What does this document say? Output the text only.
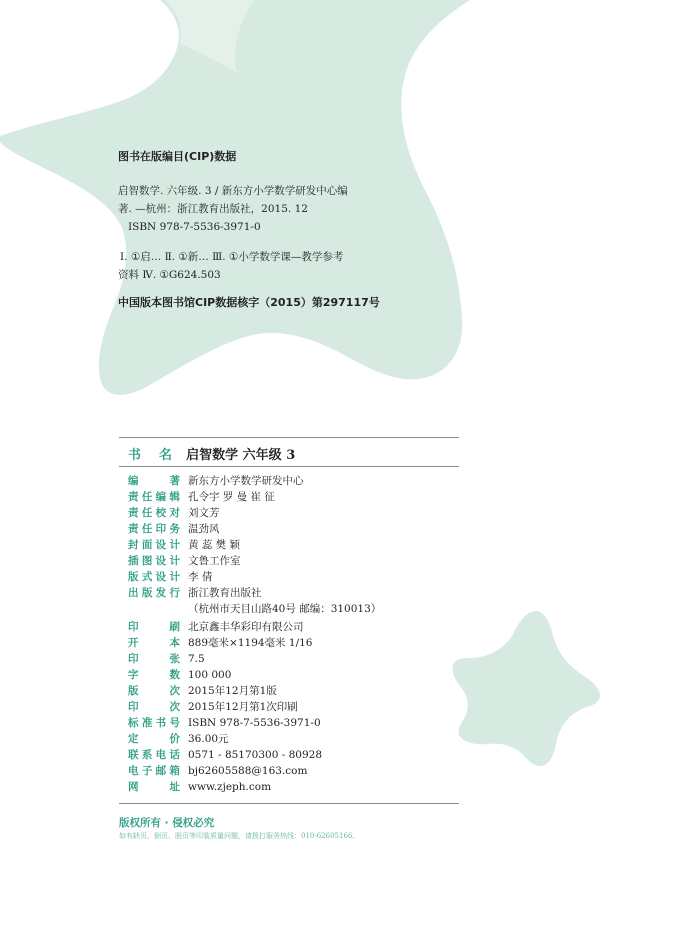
图书在版编目(CIP)数据
启智数学. 六年级. 3 / 新东方小学数学研发中心编
著. —杭州：浙江教育出版社，2015. 12
ISBN 978-7-5536-3971-0
Ⅰ. ①启… Ⅱ. ①新… Ⅲ. ①小学数学课—教学参考
资料 Ⅳ. ①G624.503
中国版本图书馆CIP数据核字（2015）第297117号
书名 启智数学 六年级 3
编著 新东方小学数学研发中心
责任编辑 孔令宇 罗 曼 崔 征
责任校对 刘文芳
责任印务 温劲风
封面设计 黄 蕊 樊 颖
插图设计 文鲁工作室
版式设计 李 倩
出版发行 浙江教育出版社
（杭州市天目山路40号 邮编：310013）
印刷 北京鑫丰华彩印有限公司
开本 889毫米×1194毫米 1/16
印张 7.5
字数 100 000
版次 2015年12月第1版
印次 2015年12月第1次印刷
标准书号 ISBN 978-7-5536-3971-0
定价 36.00元
联系电话 0571 - 85170300 - 80928
电子邮箱 bj62605588@163.com
网址 www.zjeph.com
版权所有 · 侵权必究
如有缺页、倒页、脱页等印装质量问题，请拨打服务热线：010-62605166。
